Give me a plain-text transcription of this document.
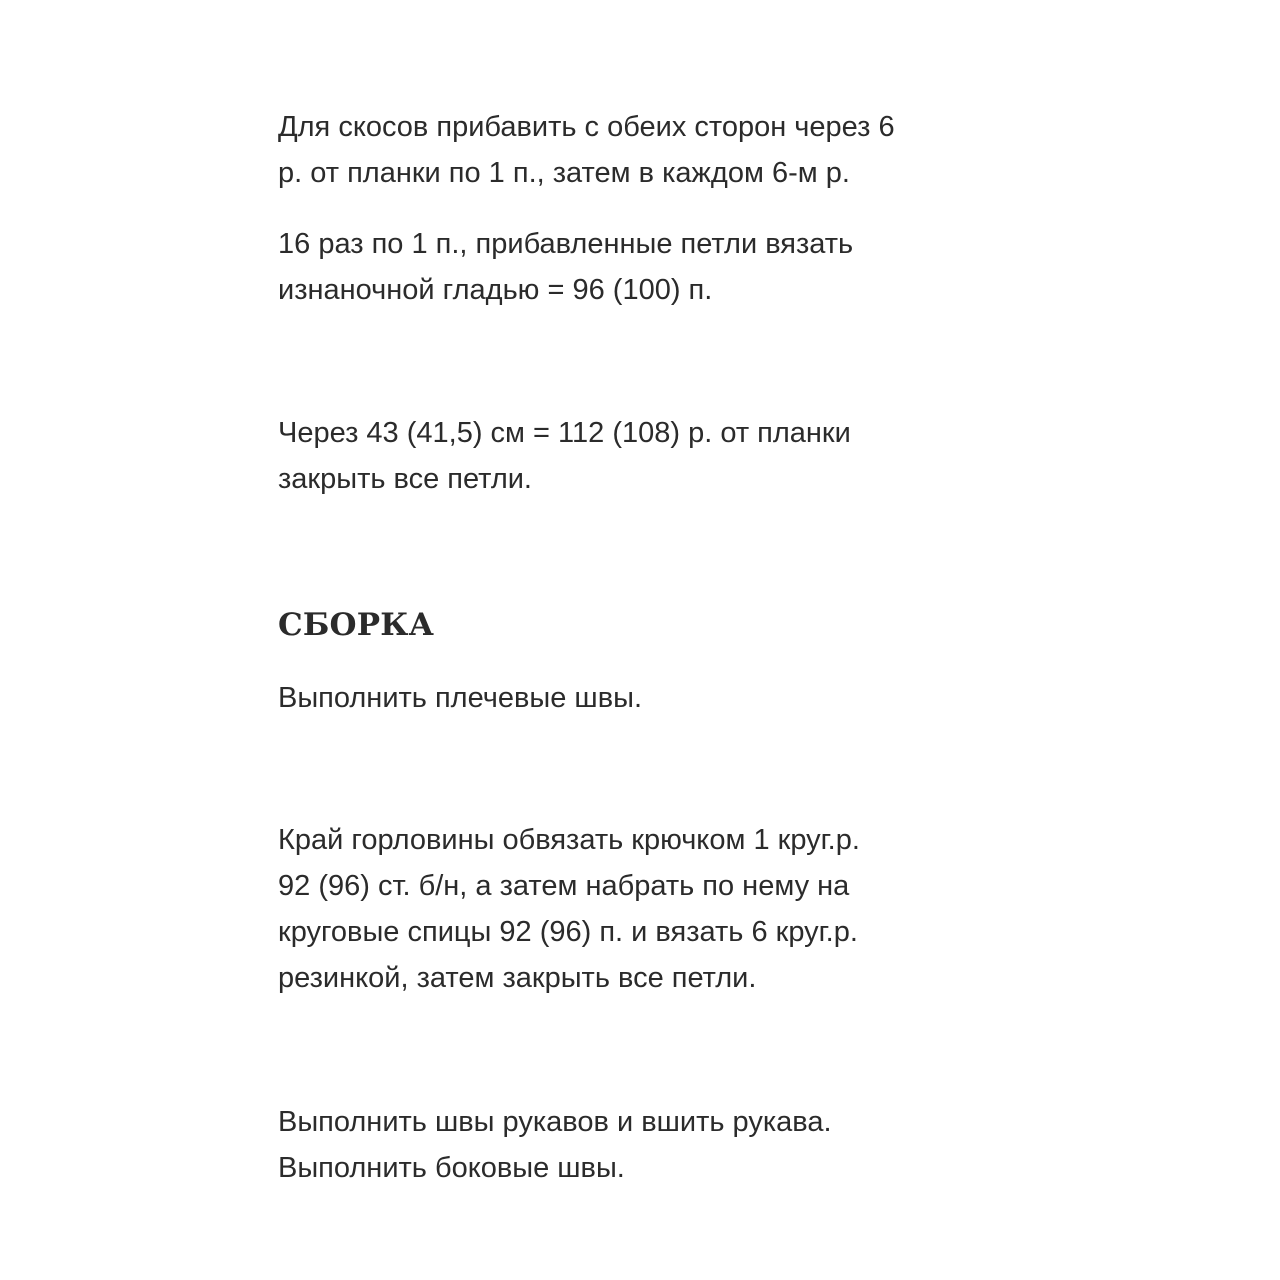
Для скосов прибавить с обеих сторон через 6
р. от планки по 1 п., затем в каждом 6-м р.

16 раз по 1 п., прибавленные петли вязать
изнаночной гладью = 96 (100) п.

Через 43 (41,5) см = 112 (108) р. от планки
закрыть все петли.

СБОРКА

Выполнить плечевые швы.

Край горловины обвязать крючком 1 круг.р.
92 (96) ст. б/н, а затем набрать по нему на
круговые спицы 92 (96) п. и вязать 6 круг.р.
резинкой, затем закрыть все петли.

Выполнить швы рукавов и вшить рукава.
Выполнить боковые швы.
